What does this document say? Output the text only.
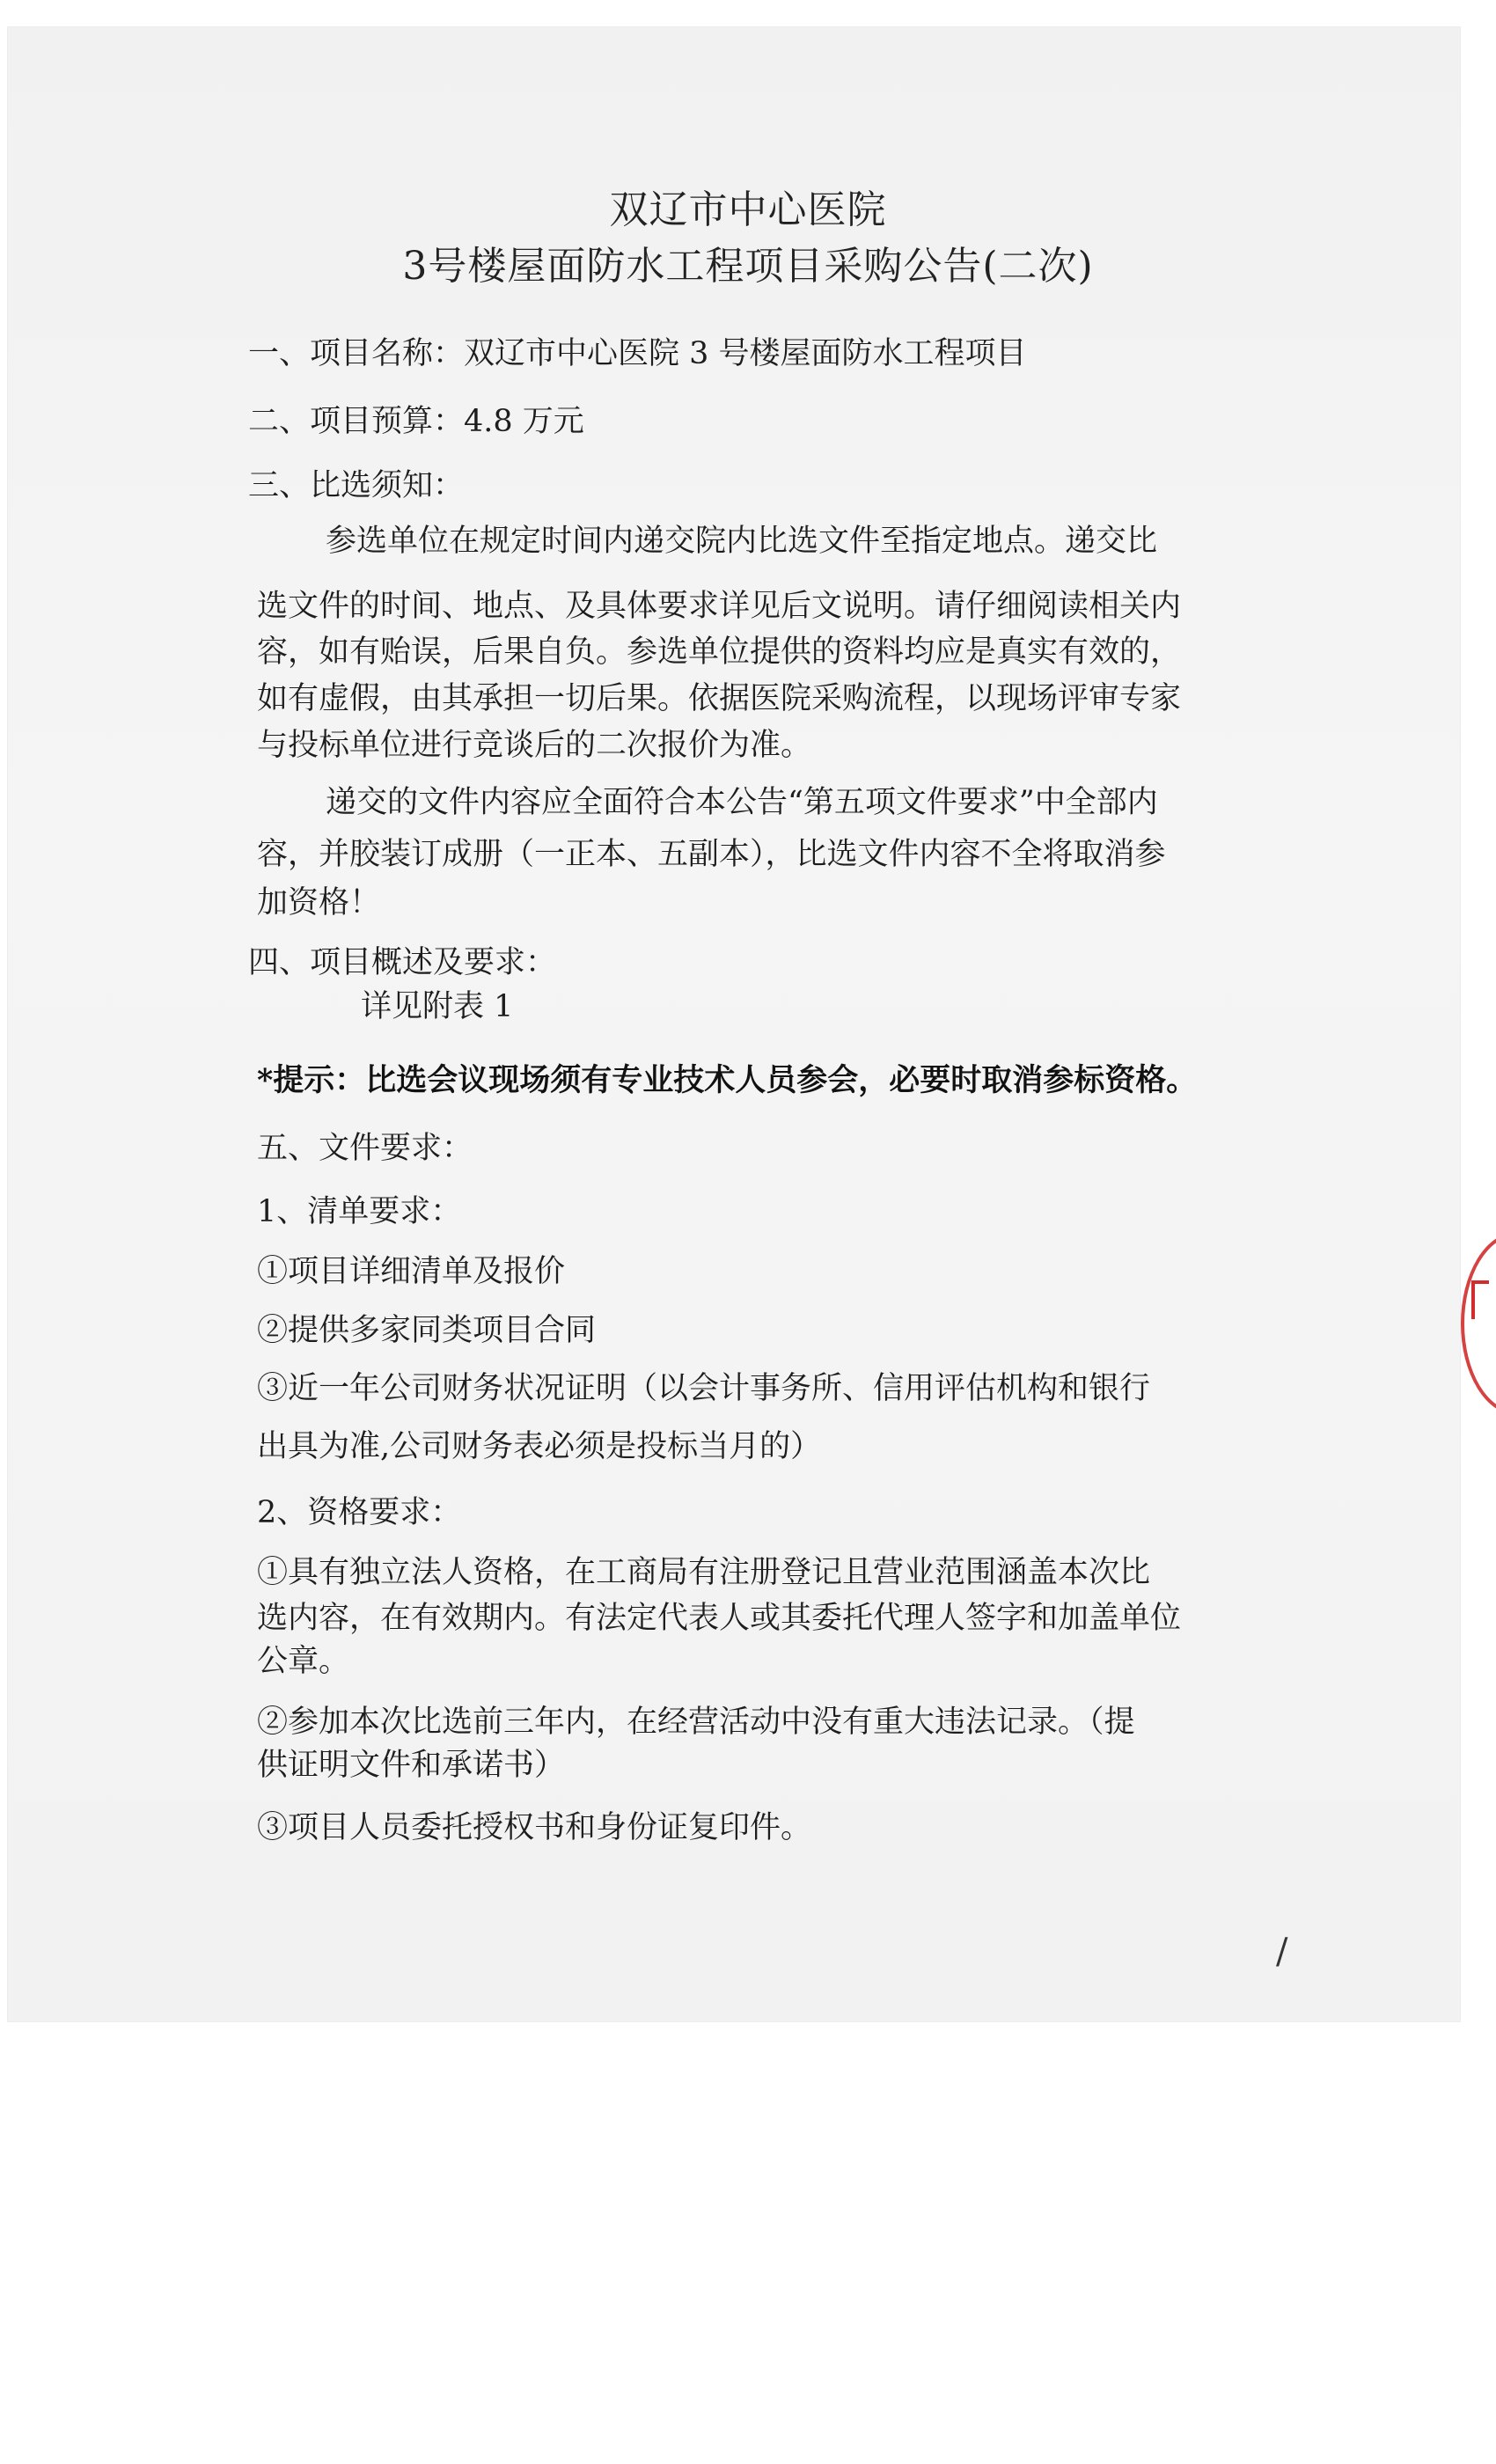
双辽市中心医院
3号楼屋面防水工程项目采购公告(二次)
一、项目名称：双辽市中心医院 3 号楼屋面防水工程项目
二、项目预算：4.8 万元
三、比选须知：
参选单位在规定时间内递交院内比选文件至指定地点。递交比
选文件的时间、地点、及具体要求详见后文说明。请仔细阅读相关内
容，如有贻误，后果自负。参选单位提供的资料均应是真实有效的，
如有虚假，由其承担一切后果。依据医院采购流程，以现场评审专家
与投标单位进行竞谈后的二次报价为准。
递交的文件内容应全面符合本公告“第五项文件要求”中全部内
容，并胶装订成册（一正本、五副本），比选文件内容不全将取消参
加资格！
四、项目概述及要求：
详见附表 1
*提示：比选会议现场须有专业技术人员参会，必要时取消参标资格。
五、文件要求：
1、清单要求：
①项目详细清单及报价
②提供多家同类项目合同
③近一年公司财务状况证明（以会计事务所、信用评估机构和银行
出具为准,公司财务表必须是投标当月的）
2、资格要求：
①具有独立法人资格，在工商局有注册登记且营业范围涵盖本次比
选内容，在有效期内。有法定代表人或其委托代理人签字和加盖单位
公章。
②参加本次比选前三年内，在经营活动中没有重大违法记录。（提
供证明文件和承诺书）
③项目人员委托授权书和身份证复印件。
/
